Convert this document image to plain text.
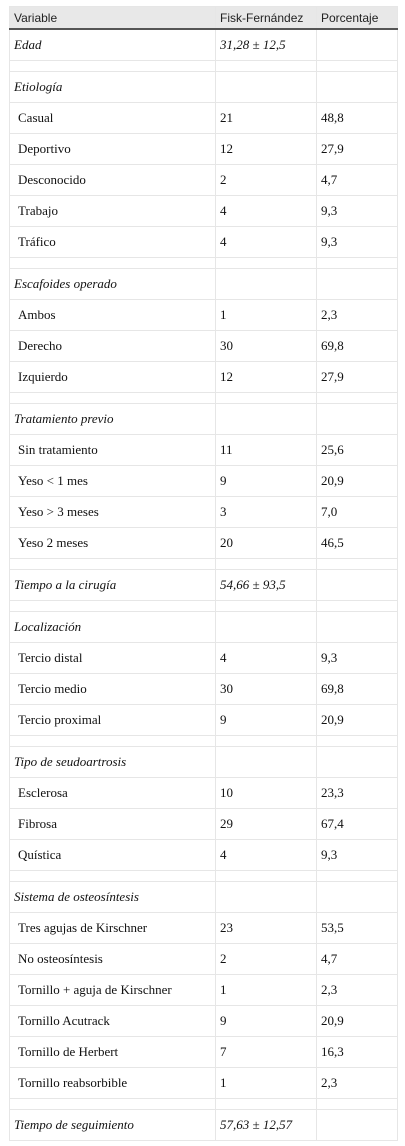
Variable	Fisk-Fernández	Porcentaje
Edad	31,28 ± 12,5	

Etiología		
Casual	21	48,8
Deportivo	12	27,9
Desconocido	2	4,7
Trabajo	4	9,3
Tráfico	4	9,3

Escafoides operado		
Ambos	1	2,3
Derecho	30	69,8
Izquierdo	12	27,9

Tratamiento previo		
Sin tratamiento	11	25,6
Yeso < 1 mes	9	20,9
Yeso > 3 meses	3	7,0
Yeso 2 meses	20	46,5

Tiempo a la cirugía	54,66 ± 93,5	

Localización		
Tercio distal	4	9,3
Tercio medio	30	69,8
Tercio proximal	9	20,9

Tipo de seudoartrosis		
Esclerosa	10	23,3
Fibrosa	29	67,4
Quística	4	9,3

Sistema de osteosíntesis		
Tres agujas de Kirschner	23	53,5
No osteosíntesis	2	4,7
Tornillo + aguja de Kirschner	1	2,3
Tornillo Acutrack	9	20,9
Tornillo de Herbert	7	16,3
Tornillo reabsorbible	1	2,3

Tiempo de seguimiento	57,63 ± 12,57	
